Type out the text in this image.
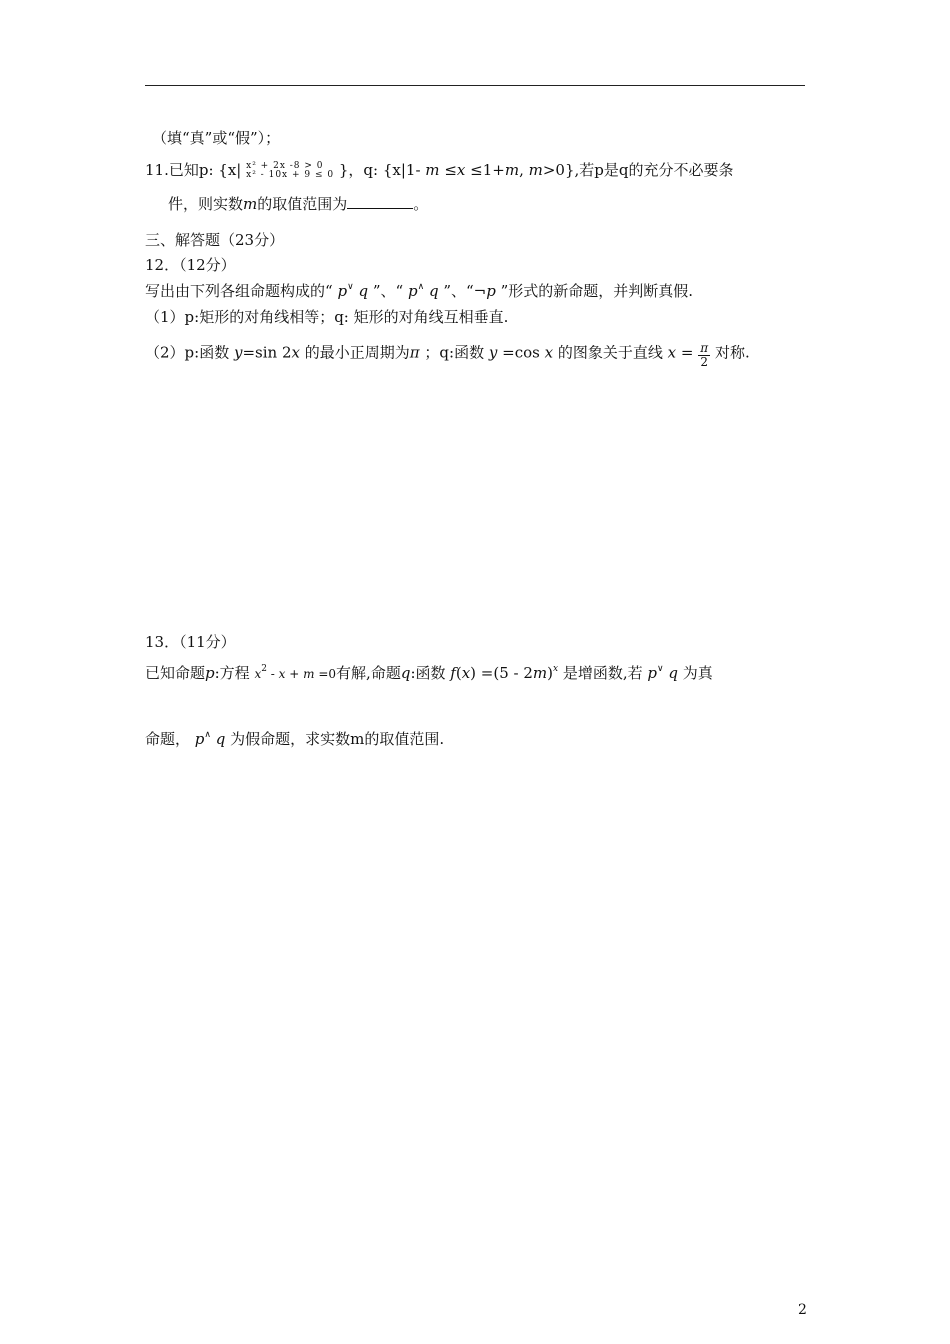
（填“真”或“假”）；
11.已知p: {x| x² + 2x -8 > 0
x² - 10x + 9 ≤ 0 }，q: {x|1- m ≤x ≤1+m, m>0},若p是q的充分不必要条
件，则实数m的取值范围为	。
三、解答题（23分）
12．（12分）
写出由下列各组命题构成的“ p∨ q ”、“ p∧ q ”、“¬p ”形式的新命题，并判断真假.
（1）p:矩形的对角线相等；q: 矩形的对角线互相垂直.
（2）p:函数 y=sin 2x 的最小正周期为π ；q:函数 y =cos x 的图象关于直线 $x = \frac{\pi}{2}$ 对称.
13．（11分）
已知命题p:方程 $x^2 - x + m =0$有解,命题q:函数 f(x) =(5 - 2m)$^x$ 是增函数,若 p∨ q 为真
命题， p∧ q 为假命题，求实数m的取值范围.
2
